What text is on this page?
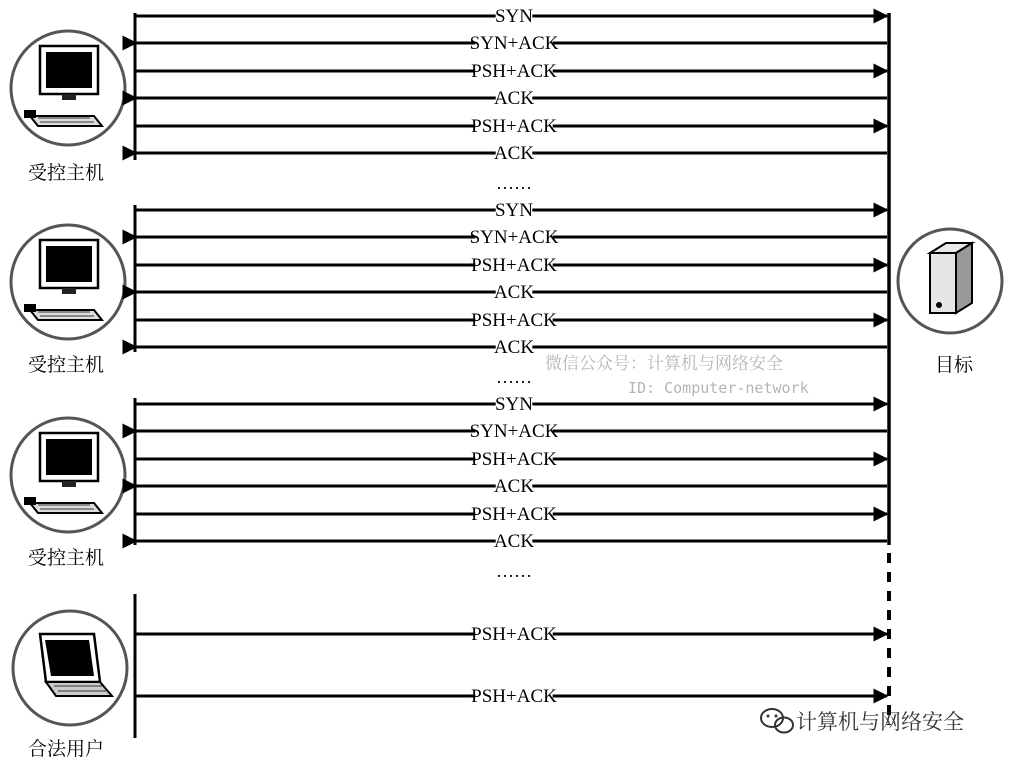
受控主机
受控主机
受控主机
合法用户
目标
SYN
SYN+ACK
PSH+ACK
ACK
PSH+ACK
ACK
……
SYN
SYN+ACK
PSH+ACK
ACK
PSH+ACK
ACK
……
SYN
SYN+ACK
PSH+ACK
ACK
PSH+ACK
ACK
……
PSH+ACK
PSH+ACK
微信公众号：计算机与网络安全
ID: Computer-network
计算机与网络安全
